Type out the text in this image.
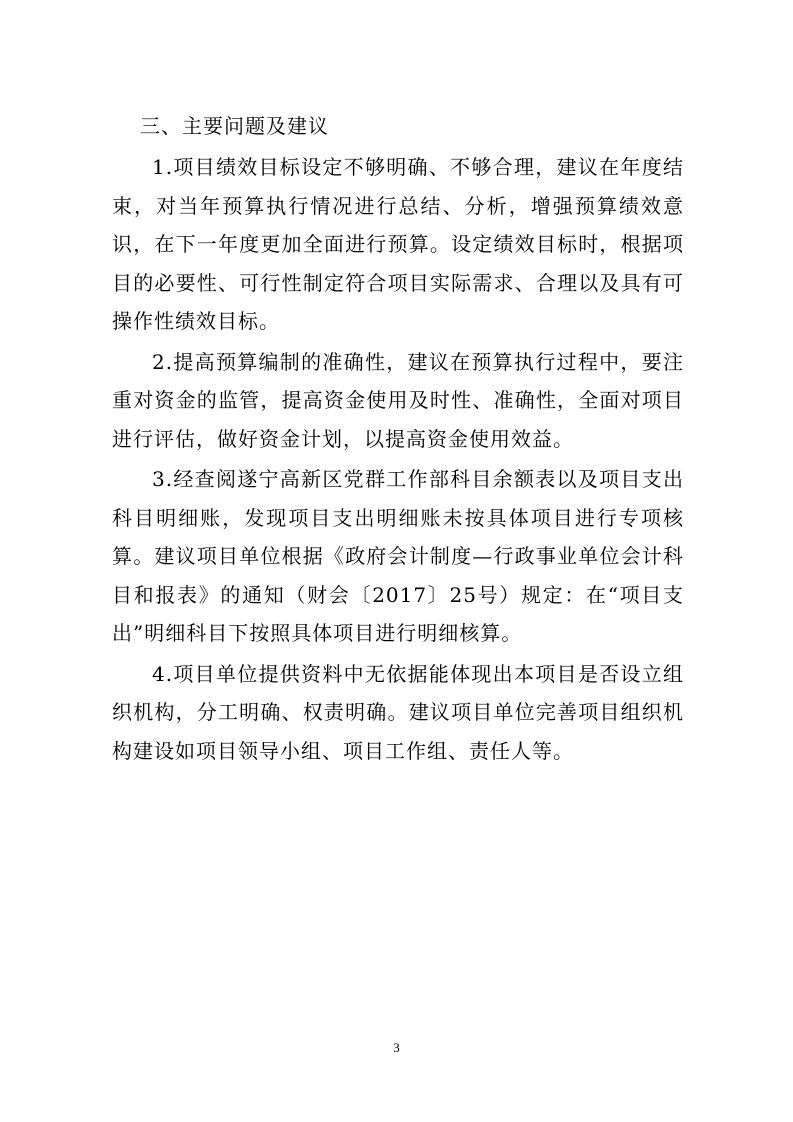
三、主要问题及建议

1.项目绩效目标设定不够明确、不够合理，建议在年度结束，对当年预算执行情况进行总结、分析，增强预算绩效意识，在下一年度更加全面进行预算。设定绩效目标时，根据项目的必要性、可行性制定符合项目实际需求、合理以及具有可操作性绩效目标。

2.提高预算编制的准确性，建议在预算执行过程中，要注重对资金的监管，提高资金使用及时性、准确性，全面对项目进行评估，做好资金计划，以提高资金使用效益。

3.经查阅遂宁高新区党群工作部科目余额表以及项目支出科目明细账，发现项目支出明细账未按具体项目进行专项核算。建议项目单位根据《政府会计制度—行政事业单位会计科目和报表》的通知（财会〔2017〕25号）规定：在“项目支出”明细科目下按照具体项目进行明细核算。

4.项目单位提供资料中无依据能体现出本项目是否设立组织机构，分工明确、权责明确。建议项目单位完善项目组织机构建设如项目领导小组、项目工作组、责任人等。

3
